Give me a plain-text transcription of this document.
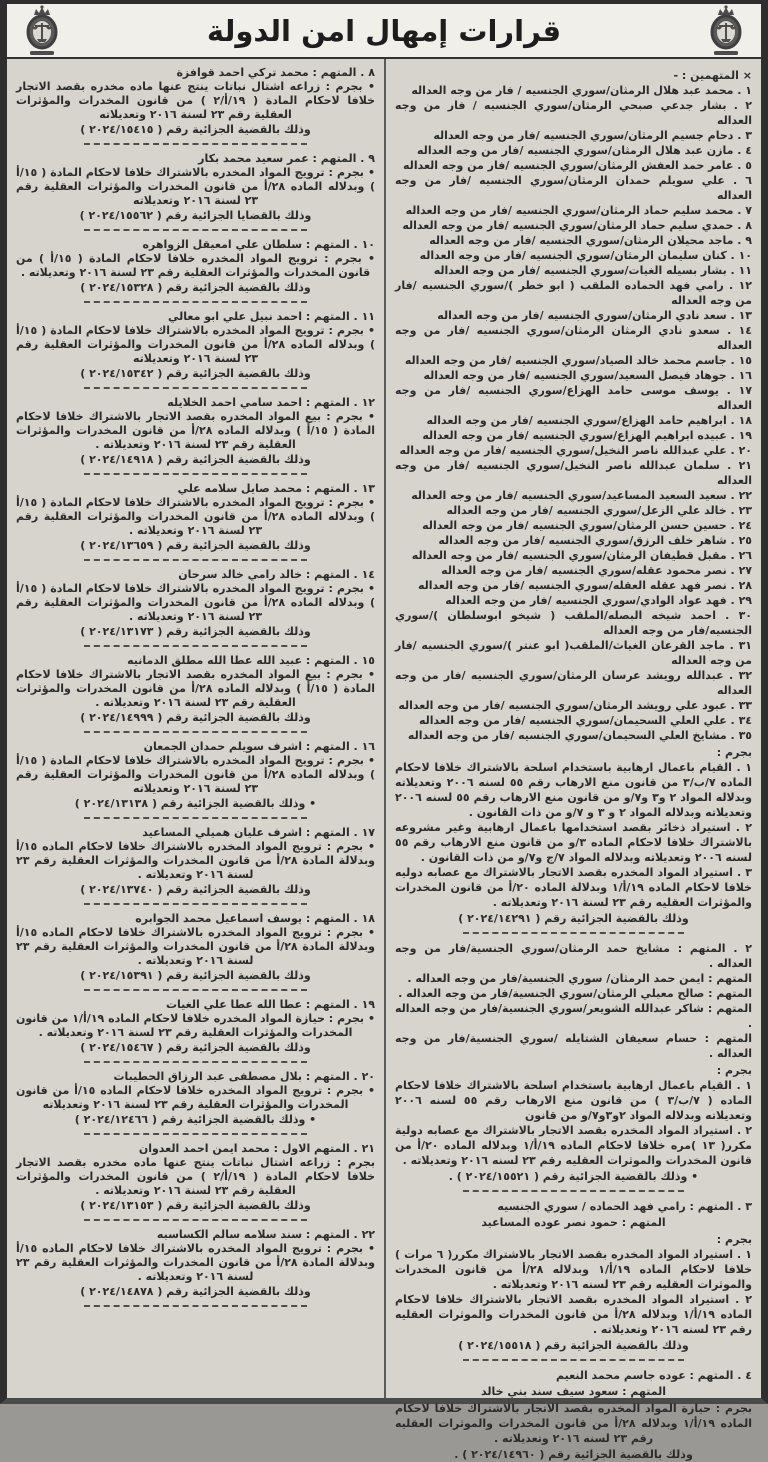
قرارات إمهال امن الدولة

× المتهمين : -

١ . محمد عبد هلال الرمثان/سوري الجنسيه / فار من وجه العداله

٢ . بشار جدعي صبحي الرمثان/سوري الجنسيه / فار من وجه العداله

٣ . دحام جسيم الرمثان/سوري الجنسيه /فار من وجه العداله

٤ . مازن عبد هلال الرمثان/سوري الجنسيه /فار من وجه العداله

٥ . عامر حمد العفش الرمثان/سوري الجنسيه /فار من وجه العداله

٦ . علي سويلم حمدان الرمثان/سوري الجنسيه /فار من وجه العداله

٧ . محمد سليم حماد الرمثان/سوري الجنسيه /فار من وجه العداله

٨ . حمدي سليم حماد الرمثان/سوري الجنسيه /فار من وجه العداله

٩ . ماجد محيلان الرمثان/سوري الجنسيه /فار من وجه العداله

١٠ . كنان سليمان الرمثان/سوري الجنسيه /فار من وجه العداله

١١ . بشار بسيله الغيات/سوري الجنسيه /فار من وجه العداله

١٢ . رامي فهد الحماده الملقب ( ابو خطر )/سوري الجنسيه /فار من وجه العداله

١٣ . سعد نادي الرمثان/سوري الجنسيه /فار من وجه العداله

١٤ . سعدو نادي الرمثان الرمثان/سوري الجنسيه /فار من وجه العداله

١٥ . جاسم محمد خالد الصياد/سوري الجنسيه /فار من وجه العداله

١٦ . جوهاد فيصل السعيد/سوري الجنسيه /فار من وجه العداله

١٧ . يوسف موسى حامد الهزاع/سوري الجنسيه /فار من وجه العداله

١٨ . ابراهيم حامد الهزاع/سوري الجنسيه /فار من وجه العداله

١٩ . عبيده ابراهيم الهزاع/سوري الجنسيه /فار من وجه العداله

٢٠ . علي عبدالله ناصر النخيل/سوري الجنسيه /فار من وجه العداله

٢١ . سلمان عبدالله ناصر النخيل/سوري الجنسيه /فار من وجه العداله

٢٢ . سعيد السعيد المساعيد/سوري الجنسيه /فار من وجه العداله

٢٣ . خالد علي الزعل/سوري الجنسيه /فار من وجه العداله

٢٤ . حسين حسن الرمثان/سوري الجنسيه /فار من وجه العداله

٢٥ . شاهر خلف الرزق/سوري الجنسيه /فار من وجه العداله

٢٦ . مقبل قطيفان الرمثان/سوري الجنسيه /فار من وجه العداله

٢٧ . نصر محمود عقله/سوري الجنسيه /فار من وجه العداله

٢٨ . نصر فهد عقله العقله/سوري الجنسيه /فار من وجه العداله

٢٩ . فهد عواد الوادي/سوري الجنسيه /فار من وجه العداله

٣٠ . احمد شيخه البصله/الملقب ( شيخو ابوسلطان )/سوري الجنسيه/فار من وجه العداله

٣١ . ماجد القرعان الغياث/الملقب( ابو عنتر )/سوري الجنسيه /فار من وجه العداله

٣٢ . عبدالله رويشد عرسان الرمثان/سوري الجنسيه /فار من وجه العداله

٣٣ . عبود علي رويشد الرمثان/سوري الجنسيه /فار من وجه العداله

٣٤ . علي العلي السحيمان/سوري الجنسيه /فار من وجه العداله

٣٥ . مشايخ العلي السحيمان/سوري الجنسيه /فار من وجه العداله

بجرم :

١ . القيام باعمال ارهابية باستخدام اسلحة بالاشتراك خلافا لاحكام الماده ٧/ب/٣ من قانون منع الارهاب رقم ٥٥ لسنه ٢٠٠٦ وتعديلاته وبدلاله المواد ٢ و٣ و٧/و من قانون منع الارهاب رقم ٥٥ لسنه ٢٠٠٦ وتعديلاته وبدلاله المواد ٢ و ٣ و ٧/و من ذات القانون .

٢ . استيراد ذخائر بقصد استخدامها باعمال ارهابية وغير مشروعه بالاشتراك خلافا لاحكام الماده ٣/و من قانون منع الارهاب رقم ٥٥ لسنه ٢٠٠٦ وتعديلاته وبدلاله المواد ٧/ج و٧/و من ذات القانون .

٣ . استيراد المواد المخدره بقصد الاتجار بالاشتراك مع عصابه دوليه خلافا لاحكام الماده ١٩/أ/١ وبدلالة الماده ٢٠/أ من قانون المخدرات والمؤثرات العقليه رقم ٢٣ لسنة ٢٠١٦ وتعديلاته .

وذلك بالقضية الجزائية رقم ( ٢٠٢٤/١٤٢٩١ )

٢ . المتهم : مشايخ حمد الرمثان/سوري الجنسية/فار من وجه العداله .

المتهم : ايمن حمد الرمثان/ سوري الجنسية/فار من وجه العداله .

المتهم : صالح معيلي الرمثان/سوري الجنسية/فار من وجه العداله .

المتهم : شاكر عبدالله الشويعر/سوري الجنسية/فار من وجه العداله .

المتهم : حسام سعيفان الشتايله /سوري الجنسية/فار من وجه العداله .

بجرم :

١ . القيام باعمال ارهابية باستخدام اسلحة بالاشتراك خلافا لاحكام الماده ( ٧/ب/٣ ) من قانون منع الارهاب رقم ٥٥ لسنه ٢٠٠٦ وتعديلاته وبدلاله المواد ٢و٣و٧/و من قانون

٢ . استيراد المواد المخدره بقصد الاتجار بالاشتراك مع عصابه دولية مكرر( ١٣ )مره خلافا لاحكام الماده ١٩/أ/١ وبدلاله الماده ٢٠/أ من قانون المخدرات والموثرات العقليه رقم ٢٣ لسنه ٢٠١٦ وتعديلاته .

• وذلك بالقضية الجزائية رقم ( ٢٠٢٤/١٥٥٢١ ) .

٣ . المتهم : رامي فهد الحماده / سوري الجنسيه

المتهم : حمود نصر عوده المساعيد

بجرم :

١ . استيراد المواد المخدره بقصد الاتجار بالاشتراك مكرر( ٦ مرات ) خلافا لاحكام الماده ١٩/أ/١ وبدلاله ٢٨/أ من قانون المخدرات والموثرات العقليه رقم ٢٣ لسنه ٢٠١٦ وتعديلاته .

٢ . استيراد المواد المخدره بقصد الاتجار بالاشتراك خلافا لاحكام الماده ١٩/أ/١ وبدلاله ٢٨/أ من قانون المخدرات والموثرات العقليه رقم ٢٣ لسنه ٢٠١٦ وتعديلاته .

وذلك بالقضية الجزائية رقم ( ٢٠٢٤/١٥٥١٨ )

٤ . المتهم : عوده جاسم محمد النعيم

المتهم : سعود سيف سند بني خالد

بجرم : حيازة المواد المخدره بقصد الاتجار بالاشتراك خلافا لاحكام الماده ١٩/أ/١ وبدلاله ٢٨/أ من قانون المخدرات والموثرات العقليه رقم ٢٣ لسنه ٢٠١٦ وتعديلاته .

وذلك بالقضية الجزائية رقم ( ٢٠٢٤/١٤٩٦٠ ) .

٨ . المتهم : محمد تركي احمد قوافزة

• بجرم : زراعه اشتال نباتات ينتج عنها ماده مخدره بقصد الاتجار خلافا لاحكام المادة ( ١٩/أ/٢ ) من قانون المخدرات والمؤثرات العقلية رقم ٢٣ لسنة ٢٠١٦ وتعديلاته

وذلك بالقضية الجزائية رقم ( ٢٠٢٤/١٥٤١٥ )

٩ . المتهم : عمر سعيد محمد بكار

• بجرم : ترويج المواد المخدره بالاشتراك خلافا لاحكام المادة ( ١٥/أ ) وبدلاله الماده ٢٨/أ من قانون المخدرات والمؤثرات العقلية رقم ٢٣ لسنة ٢٠١٦ وتعديلاته

وذلك بالقضايا الجزائية رقم ( ٢٠٢٤/١٥٥٦٢ )

١٠ . المتهم : سلطان علي امعيقل الزواهره

• بجرم : ترويج المواد المخدره خلافا لاحكام المادة ( ١٥/أ ) من قانون المخدرات والمؤثرات العقلية رقم ٢٣ لسنة ٢٠١٦ وتعديلاته .

وذلك بالقضية الجزائية رقم ( ٢٠٢٤/١٥٣٢٨ )

١١ . المتهم : احمد نبيل علي ابو معالي

• بجرم : ترويج المواد المخدره بالاشتراك خلافا لاحكام المادة ( ١٥/أ ) وبدلاله الماده ٢٨/أ من قانون المخدرات والمؤثرات العقلية رقم ٢٣ لسنة ٢٠١٦ وتعديلاته

وذلك بالقضية الجزائية رقم ( ٢٠٢٤/١٥٣٤٢ )

١٢ . المتهم : احمد سامي احمد الخلايله

• بجرم : بيع المواد المخدره بقصد الاتجار بالاشتراك خلافا لاحكام المادة ( ١٥/أ ) وبدلاله الماده ٢٨/أ من قانون المخدرات والمؤثرات العقلية رقم ٢٣ لسنة ٢٠١٦ وتعديلاته .

وذلك بالقضية الجزائية رقم ( ٢٠٢٤/١٤٩١٨ )

١٣ . المتهم : محمد صايل سلامه علي

• بجرم : ترويج المواد المخدره بالاشتراك خلافا لاحكام المادة ( ١٥/أ ) وبدلاله الماده ٢٨/أ من قانون المخدرات والمؤثرات العقلية رقم ٢٣ لسنة ٢٠١٦ وتعديلاته .

وذلك بالقضية الجزائية رقم ( ٢٠٢٤/١٣٦٥٩ )

١٤ . المتهم : خالد رامي خالد سرحان

• بجرم : ترويج المواد المخدره بالاشتراك خلافا لاحكام المادة ( ١٥/أ ) وبدلاله الماده ٢٨/أ من قانون المخدرات والمؤثرات العقلية رقم ٢٣ لسنة ٢٠١٦ وتعديلاته .

وذلك بالقضية الجزائية رقم ( ٢٠٢٤/١٣١٧٣ )

١٥ . المتهم : عبيد الله عطا الله مطلق الدمانيه

• بجرم : بيع المواد المخدره بقصد الاتجار بالاشتراك خلافا لاحكام المادة ( ١٥/أ ) وبدلاله الماده ٢٨/أ من قانون المخدرات والمؤثرات العقلية رقم ٢٣ لسنة ٢٠١٦ وتعديلاته .

وذلك بالقضية الجزائية رقم ( ٢٠٢٤/١٤٩٩٩ )

١٦ . المتهم : اشرف سويلم حمدان الجمعان

• بجرم : ترويج المواد المخدره بالاشتراك خلافا لاحكام المادة ( ١٥/أ ) وبدلاله الماده ٢٨/أ من قانون المخدرات والمؤثرات العقلية رقم ٢٣ لسنة ٢٠١٦ وتعديلاته

• وذلك بالقضية الجزائية رقم ( ٢٠٢٤/١٣١٣٨ )

١٧ . المتهم : اشرف عليان هميلي المساعيد

• بجرم : ترويج المواد المخدره بالاشتراك خلافا لاحكام الماده ١٥/أ وبدلالة المادة ٢٨/أ من قانون المخدرات والمؤثرات العقلية رقم ٢٣ لسنة ٢٠١٦ وتعديلاته .

وذلك بالقضية الجزائية رقم ( ٢٠٢٤/١٣٧٤٠ )

١٨ . المتهم : يوسف اسماعيل محمد الجوابره

• بجرم : ترويج المواد المخدره بالاشتراك خلافا لاحكام الماده ١٥/أ وبدلالة المادة ٢٨/أ من قانون المخدرات والمؤثرات العقلية رقم ٢٣ لسنة ٢٠١٦ وتعديلاته .

وذلك بالقضية الجزائية رقم ( ٢٠٢٤/١٥٣٩١ )

١٩ . المتهم : عطا الله عطا علي الغيات

• بجرم : حيازة المواد المخدره خلافا لاحكام الماده ١٩/أ/١ من قانون المخدرات والمؤثرات العقلية رقم ٢٣ لسنة ٢٠١٦ وتعديلاته .

وذلك بالقضية الجزائية رقم ( ٢٠٢٤/١٥٤٦٧ )

٢٠ . المتهم : بلال مصطفى عبد الرزاق الحطيبات

• بجرم : ترويج المواد المخدره خلافا لاحكام الماده ١٥/أ من قانون المخدرات والمؤثرات العقلية رقم ٢٣ لسنة ٢٠١٦ وتعديلاته

• وذلك بالقضية الجزائية رقم ( ٢٠٢٤/١٢٤٦٦ )

٢١ . المتهم الاول : محمد ايمن احمد العدوان

بجرم : زراعه اشتال نباتات ينتج عنها ماده مخدره بقصد الاتجار خلافا لاحكام المادة ( ١٩/أ/٢ ) من قانون المخدرات والمؤثرات العقلية رقم ٢٣ لسنة ٢٠١٦ وتعديلاته .

وذلك بالقضية الجزائية رقم ( ٢٠٢٤/١٣١٥٣ )

٢٢ . المتهم : سند سلامه سالم الكساسبه

• بجرم : ترويج المواد المخدره بالاشتراك خلافا لاحكام الماده ١٥/أ وبدلالة المادة ٢٨/أ من قانون المخدرات والمؤثرات العقلية رقم ٢٣ لسنة ٢٠١٦ وتعديلاته .

وذلك بالقضية الجزائية رقم ( ٢٠٢٤/١٤٨٧٨ )
